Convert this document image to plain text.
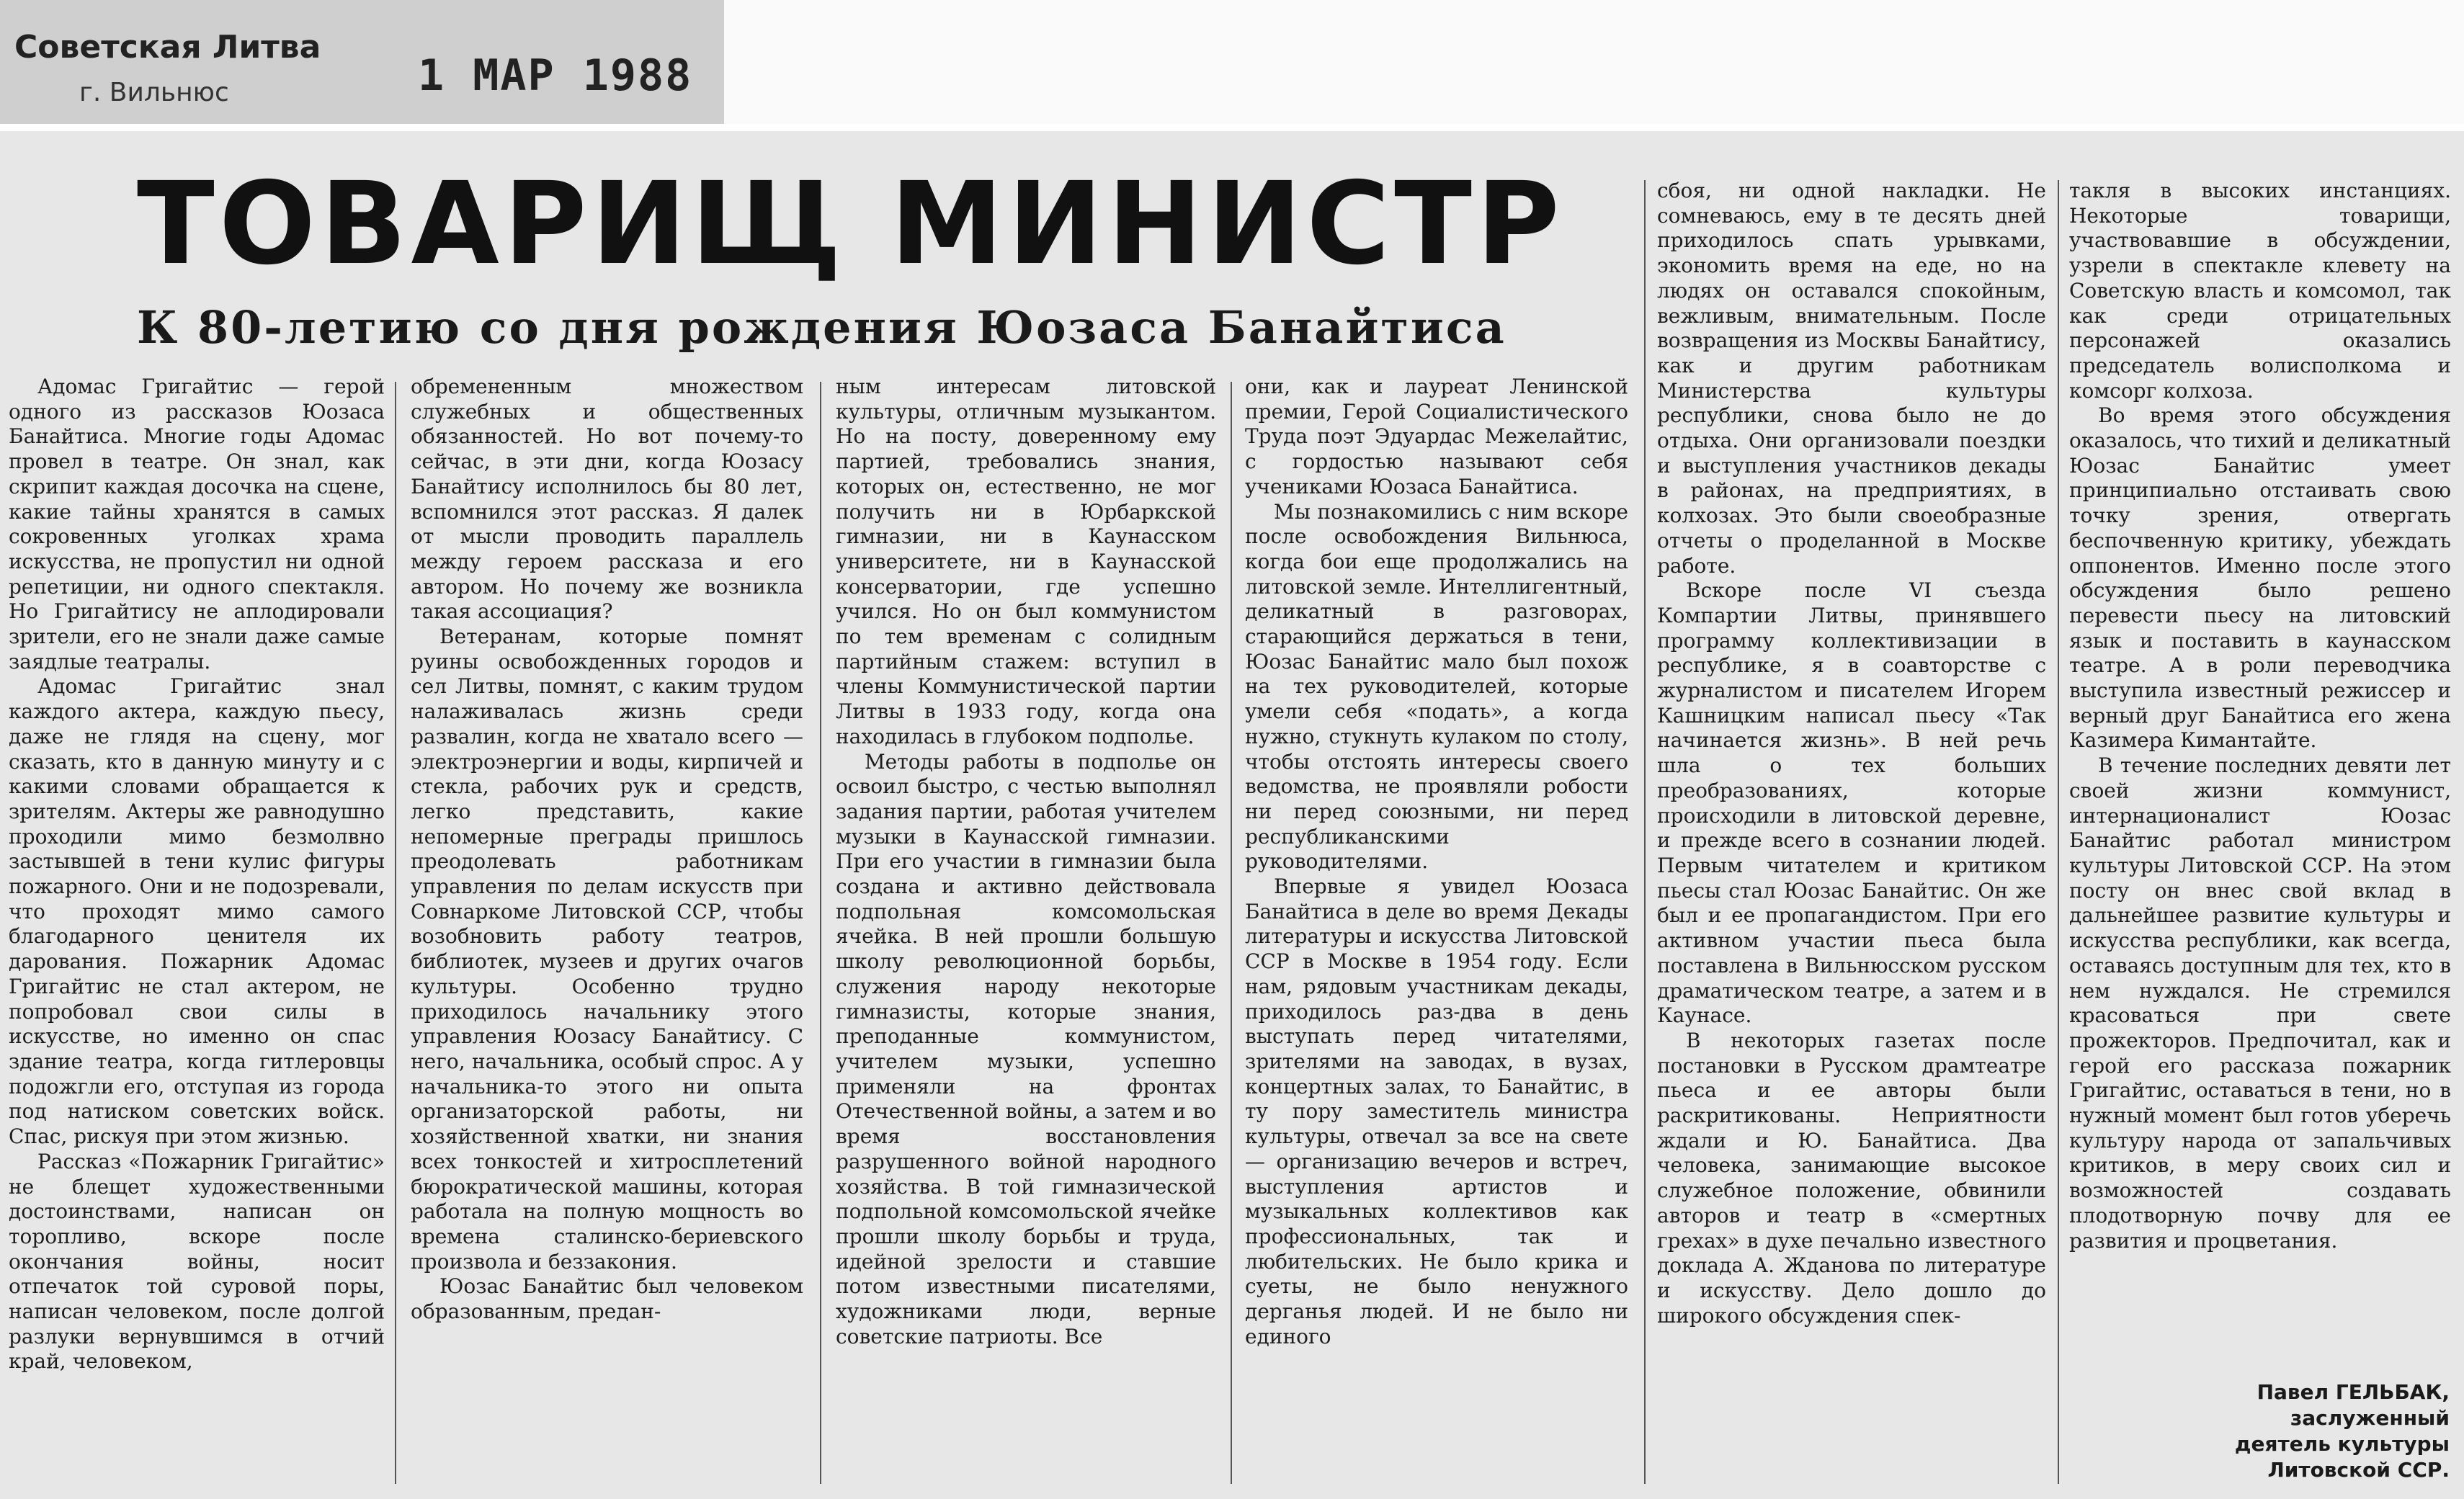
Советская Литва
г. Вильнюс	1 МАР 1988
ТОВАРИЩ МИНИСТР
К 80-летию со дня рождения Юозаса Банайтиса

Адомас Григайтис — герой одного из рассказов Юозаса Банайтиса. Многие годы Адомас провел в театре. Он знал, как скрипит каждая досочка на сцене, какие тайны хранятся в самых сокровенных уголках храма искусства, не пропустил ни одной репетиции, ни одного спектакля. Но Григайтису не аплодировали зрители, его не знали даже самые заядлые театралы.

Адомас Григайтис знал каждого актера, каждую пьесу, даже не глядя на сцену, мог сказать, кто в данную минуту и с какими словами обращается к зрителям. Актеры же равнодушно проходили мимо безмолвно застывшей в тени кулис фигуры пожарного. Они и не подозревали, что проходят мимо самого благодарного ценителя их дарования. Пожарник Адомас Григайтис не стал актером, не попробовал свои силы в искусстве, но именно он спас здание театра, когда гитлеровцы подожгли его, отступая из города под натиском советских войск. Спас, рискуя при этом жизнью.

Рассказ «Пожарник Григайтис» не блещет художественными достоинствами, написан он торопливо, вскоре после окончания войны, носит отпечаток той суровой поры, написан человеком, после долгой разлуки вернувшимся в отчий край, человеком,

обремененным множеством служебных и общественных обязанностей. Но вот почему-то сейчас, в эти дни, когда Юозасу Банайтису исполнилось бы 80 лет, вспомнился этот рассказ. Я далек от мысли проводить параллель между героем рассказа и его автором. Но почему же возникла такая ассоциация?

Ветеранам, которые помнят руины освобожденных городов и сел Литвы, помнят, с каким трудом налаживалась жизнь среди развалин, когда не хватало всего — электроэнергии и воды, кирпичей и стекла, рабочих рук и средств, легко представить, какие непомерные преграды пришлось преодолевать работникам управления по делам искусств при Совнаркоме Литовской ССР, чтобы возобновить работу театров, библиотек, музеев и других очагов культуры. Особенно трудно приходилось начальнику этого управления Юозасу Банайтису. С него, начальника, особый спрос. А у начальника-то этого ни опыта организаторской работы, ни хозяйственной хватки, ни знания всех тонкостей и хитросплетений бюрократической машины, которая работала на полную мощность во времена сталинско-бериевского произвола и беззакония.

Юозас Банайтис был человеком образованным, предан-

ным интересам литовской культуры, отличным музыкантом. Но на посту, доверенному ему партией, требовались знания, которых он, естественно, не мог получить ни в Юрбаркской гимназии, ни в Каунасском университете, ни в Каунасской консерватории, где успешно учился. Но он был коммунистом по тем временам с солидным партийным стажем: вступил в члены Коммунистической партии Литвы в 1933 году, когда она находилась в глубоком подполье.

Методы работы в подполье он освоил быстро, с честью выполнял задания партии, работая учителем музыки в Каунасской гимназии. При его участии в гимназии была создана и активно действовала подпольная комсомольская ячейка. В ней прошли большую школу революционной борьбы, служения народу некоторые гимназисты, которые знания, преподанные коммунистом, учителем музыки, успешно применяли на фронтах Отечественной войны, а затем и во время восстановления разрушенного войной народного хозяйства. В той гимназической подпольной комсомольской ячейке прошли школу борьбы и труда, идейной зрелости и ставшие потом известными писателями, художниками люди, верные советские патриоты. Все

они, как и лауреат Ленинской премии, Герой Социалистического Труда поэт Эдуардас Межелайтис, с гордостью называют себя учениками Юозаса Банайтиса.

Мы познакомились с ним вскоре после освобождения Вильнюса, когда бои еще продолжались на литовской земле. Интеллигентный, деликатный в разговорах, старающийся держаться в тени, Юозас Банайтис мало был похож на тех руководителей, которые умели себя «подать», а когда нужно, стукнуть кулаком по столу, чтобы отстоять интересы своего ведомства, не проявляли робости ни перед союзными, ни перед республиканскими руководителями.

Впервые я увидел Юозаса Банайтиса в деле во время Декады литературы и искусства Литовской ССР в Москве в 1954 году. Если нам, рядовым участникам декады, приходилось раз-два в день выступать перед читателями, зрителями на заводах, в вузах, концертных залах, то Банайтис, в ту пору заместитель министра культуры, отвечал за все на свете — организацию вечеров и встреч, выступления артистов и музыкальных коллективов как профессиональных, так и любительских. Не было крика и суеты, не было ненужного дерганья людей. И не было ни единого

сбоя, ни одной накладки. Не сомневаюсь, ему в те десять дней приходилось спать урывками, экономить время на еде, но на людях он оставался спокойным, вежливым, внимательным. После возвращения из Москвы Банайтису, как и другим работникам Министерства культуры республики, снова было не до отдыха. Они организовали поездки и выступления участников декады в районах, на предприятиях, в колхозах. Это были своеобразные отчеты о проделанной в Москве работе.

Вскоре после VI съезда Компартии Литвы, принявшего программу коллективизации в республике, я в соавторстве с журналистом и писателем Игорем Кашницким написал пьесу «Так начинается жизнь». В ней речь шла о тех больших преобразованиях, которые происходили в литовской деревне, и прежде всего в сознании людей. Первым читателем и критиком пьесы стал Юозас Банайтис. Он же был и ее пропагандистом. При его активном участии пьеса была поставлена в Вильнюсском русском драматическом театре, а затем и в Каунасе.

В некоторых газетах после постановки в Русском драмтеатре пьеса и ее авторы были раскритикованы. Неприятности ждали и Ю. Банайтиса. Два человека, занимающие высокое служебное положение, обвинили авторов и театр в «смертных грехах» в духе печально известного доклада А. Жданова по литературе и искусству. Дело дошло до широкого обсуждения спек-

такля в высоких инстанциях. Некоторые товарищи, участвовавшие в обсуждении, узрели в спектакле клевету на Советскую власть и комсомол, так как среди отрицательных персонажей оказались председатель волисполкома и комсорг колхоза.

Во время этого обсуждения оказалось, что тихий и деликатный Юозас Банайтис умеет принципиально отстаивать свою точку зрения, отвергать беспочвенную критику, убеждать оппонентов. Именно после этого обсуждения было решено перевести пьесу на литовский язык и поставить в каунасском театре. А в роли переводчика выступила известный режиссер и верный друг Банайтиса его жена Казимера Кимантайте.

В течение последних девяти лет своей жизни коммунист, интернационалист Юозас Банайтис работал министром культуры Литовской ССР. На этом посту он внес свой вклад в дальнейшее развитие культуры и искусства республики, как всегда, оставаясь доступным для тех, кто в нем нуждался. Не стремился красоваться при свете прожекторов. Предпочитал, как и герой его рассказа пожарник Григайтис, оставаться в тени, но в нужный момент был готов уберечь культуру народа от запальчивых критиков, в меру своих сил и возможностей создавать плодотворную почву для ее развития и процветания.

Павел ГЕЛЬБАК,
заслуженный
деятель культуры
Литовской ССР.
